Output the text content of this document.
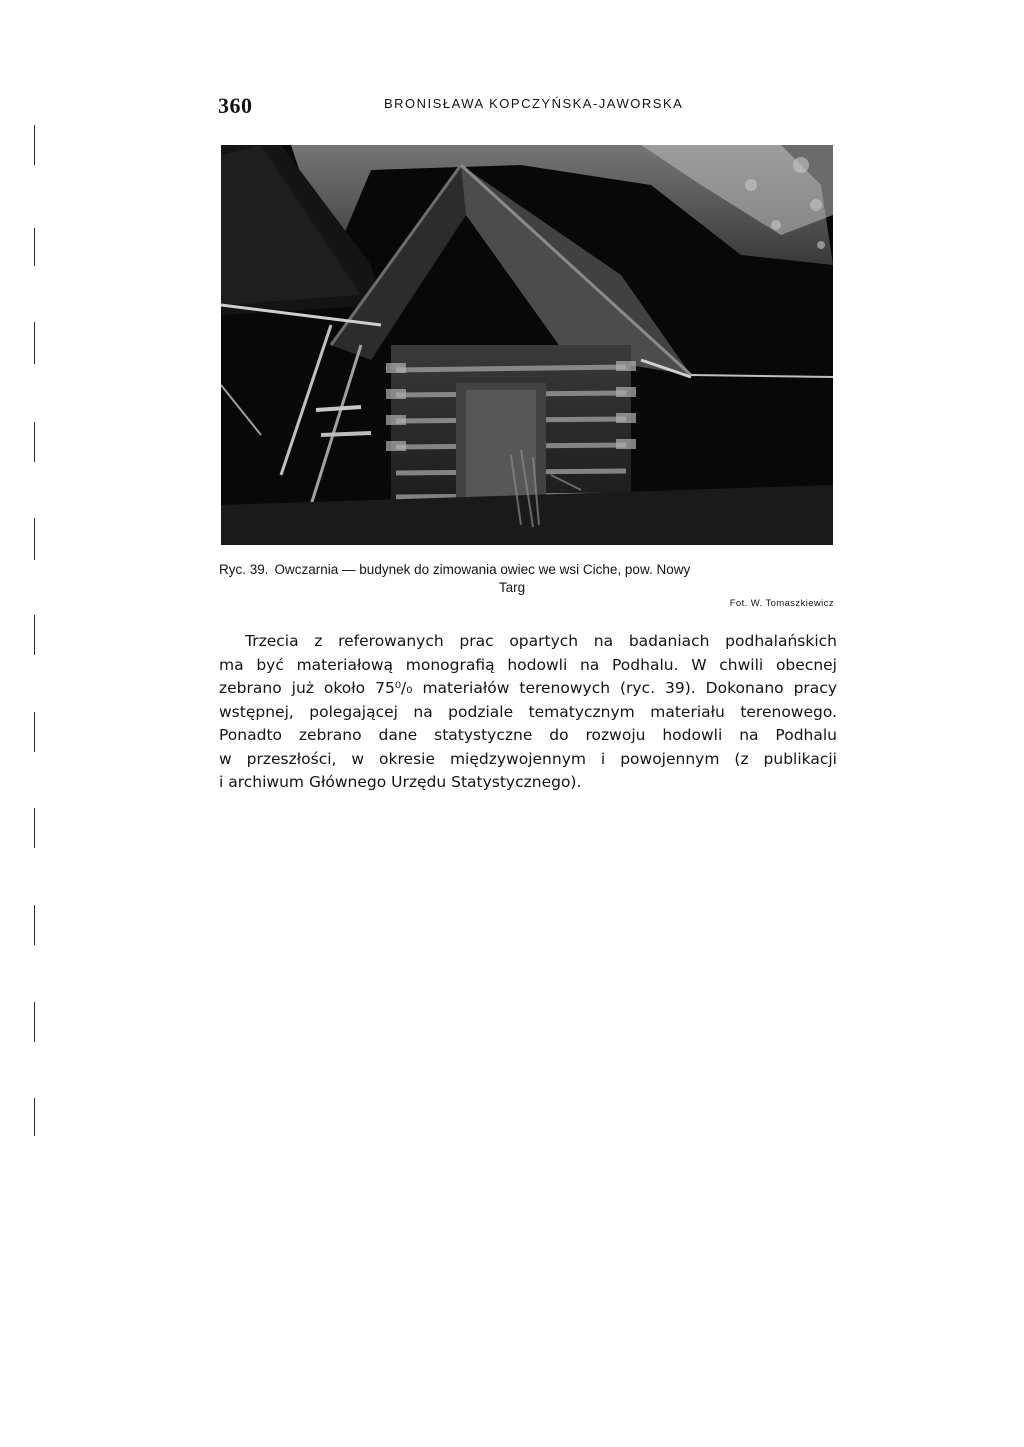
360	BRONISŁAWA KOPCZYŃSKA-JAWORSKA
Ryc. 39. Owczarnia — budynek do zimowania owiec we wsi Ciche, pow. Nowy
Targ
Fot. W. Tomaszkiewicz
Trzecia z referowanych prac opartych na badaniach podhalańskich
ma być materiałową monografią hodowli na Podhalu. W chwili obecnej
zebrano już około 75⁰/₀ materiałów terenowych (ryc. 39). Dokonano pracy
wstępnej, polegającej na podziale tematycznym materiału terenowego.
Ponadto zebrano dane statystyczne do rozwoju hodowli na Podhalu
w przeszłości, w okresie międzywojennym i powojennym (z publikacji
i archiwum Głównego Urzędu Statystycznego).
